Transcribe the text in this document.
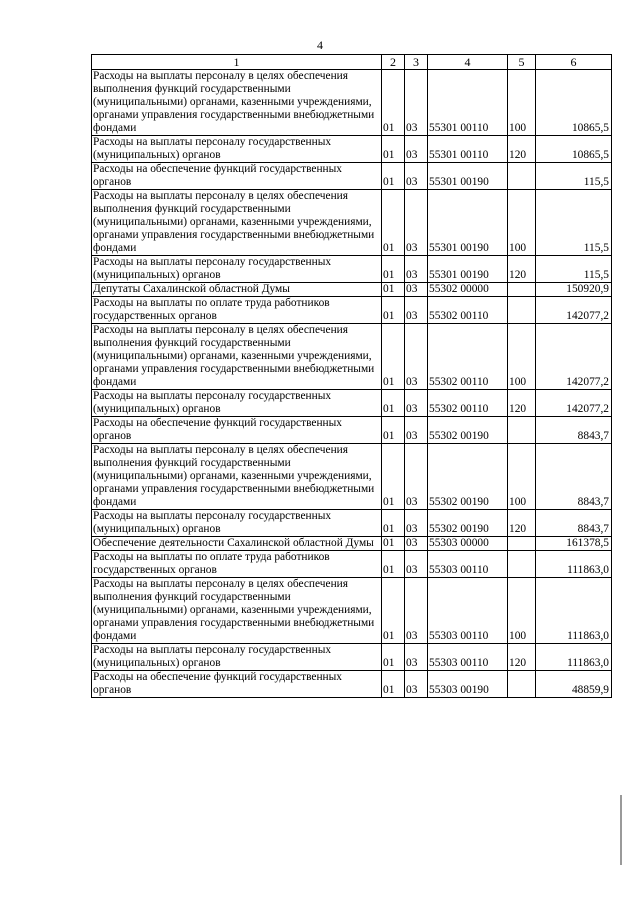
4
1	2	3	4	5	6
Расходы на выплаты персоналу в целях обеспечения выполнения функций государственными (муниципальными) органами, казенными учреждениями, органами управления государственными внебюджетными фондами	01	03	55301 00110	100	10865,5
Расходы на выплаты персоналу государственных (муниципальных) органов	01	03	55301 00110	120	10865,5
Расходы на обеспечение функций государственных органов	01	03	55301 00190		115,5
Расходы на выплаты персоналу в целях обеспечения выполнения функций государственными (муниципальными) органами, казенными учреждениями, органами управления государственными внебюджетными фондами	01	03	55301 00190	100	115,5
Расходы на выплаты персоналу государственных (муниципальных) органов	01	03	55301 00190	120	115,5
Депутаты Сахалинской областной Думы	01	03	55302 00000		150920,9
Расходы на выплаты по оплате труда работников государственных органов	01	03	55302 00110		142077,2
Расходы на выплаты персоналу в целях обеспечения выполнения функций государственными (муниципальными) органами, казенными учреждениями, органами управления государственными внебюджетными фондами	01	03	55302 00110	100	142077,2
Расходы на выплаты персоналу государственных (муниципальных) органов	01	03	55302 00110	120	142077,2
Расходы на обеспечение функций государственных органов	01	03	55302 00190		8843,7
Расходы на выплаты персоналу в целях обеспечения выполнения функций государственными (муниципальными) органами, казенными учреждениями, органами управления государственными внебюджетными фондами	01	03	55302 00190	100	8843,7
Расходы на выплаты персоналу государственных (муниципальных) органов	01	03	55302 00190	120	8843,7
Обеспечение деятельности Сахалинской областной Думы	01	03	55303 00000		161378,5
Расходы на выплаты по оплате труда работников государственных органов	01	03	55303 00110		111863,0
Расходы на выплаты персоналу в целях обеспечения выполнения функций государственными (муниципальными) органами, казенными учреждениями, органами управления государственными внебюджетными фондами	01	03	55303 00110	100	111863,0
Расходы на выплаты персоналу государственных (муниципальных) органов	01	03	55303 00110	120	111863,0
Расходы на обеспечение функций государственных органов	01	03	55303 00190		48859,9
